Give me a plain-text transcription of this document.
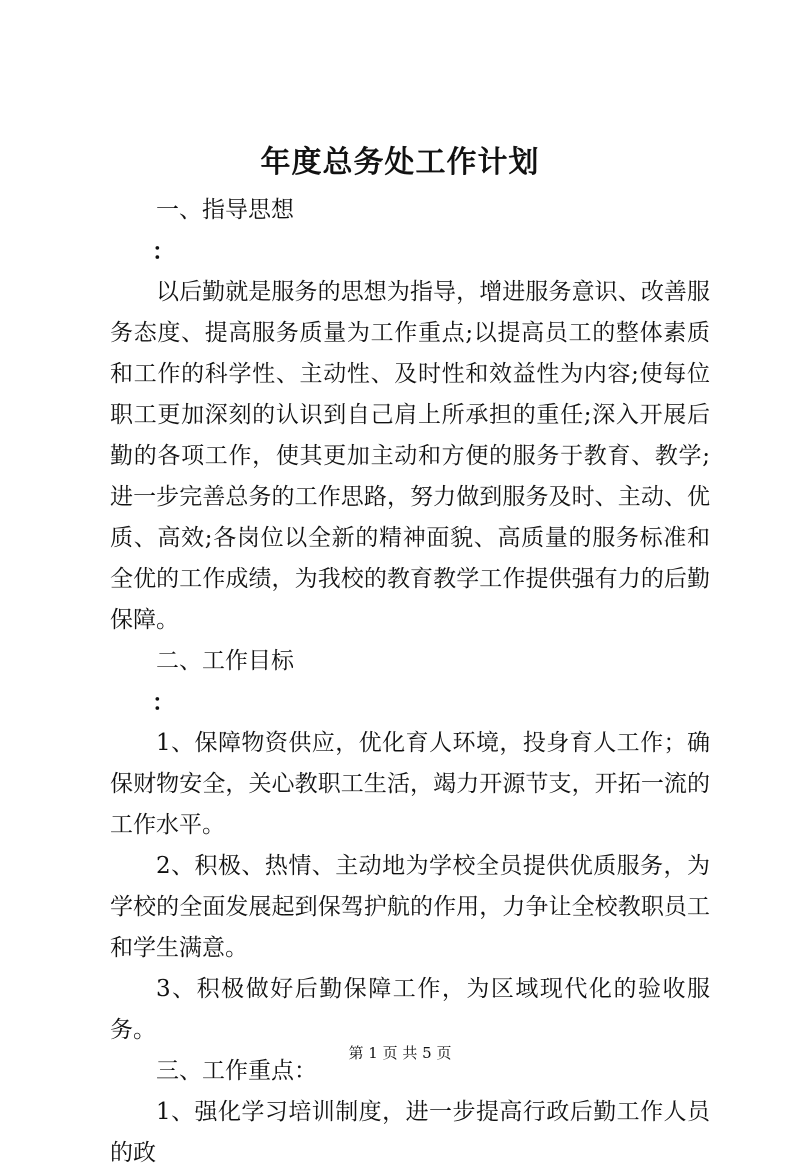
年度总务处工作计划

一、指导思想

：

以后勤就是服务的思想为指导，增进服务意识、改善服务态度、提高服务质量为工作重点;以提高员工的整体素质和工作的科学性、主动性、及时性和效益性为内容;使每位职工更加深刻的认识到自己肩上所承担的重任;深入开展后勤的各项工作，使其更加主动和方便的服务于教育、教学;进一步完善总务的工作思路，努力做到服务及时、主动、优质、高效;各岗位以全新的精神面貌、高质量的服务标准和全优的工作成绩，为我校的教育教学工作提供强有力的后勤保障。

二、工作目标

：

1、保障物资供应，优化育人环境，投身育人工作；确保财物安全，关心教职工生活，竭力开源节支，开拓一流的工作水平。

2、积极、热情、主动地为学校全员提供优质服务，为学校的全面发展起到保驾护航的作用，力争让全校教职员工和学生满意。

3、积极做好后勤保障工作，为区域现代化的验收服务。

三、工作重点：

1、强化学习培训制度，进一步提高行政后勤工作人员的政

第 1 页 共 5 页
